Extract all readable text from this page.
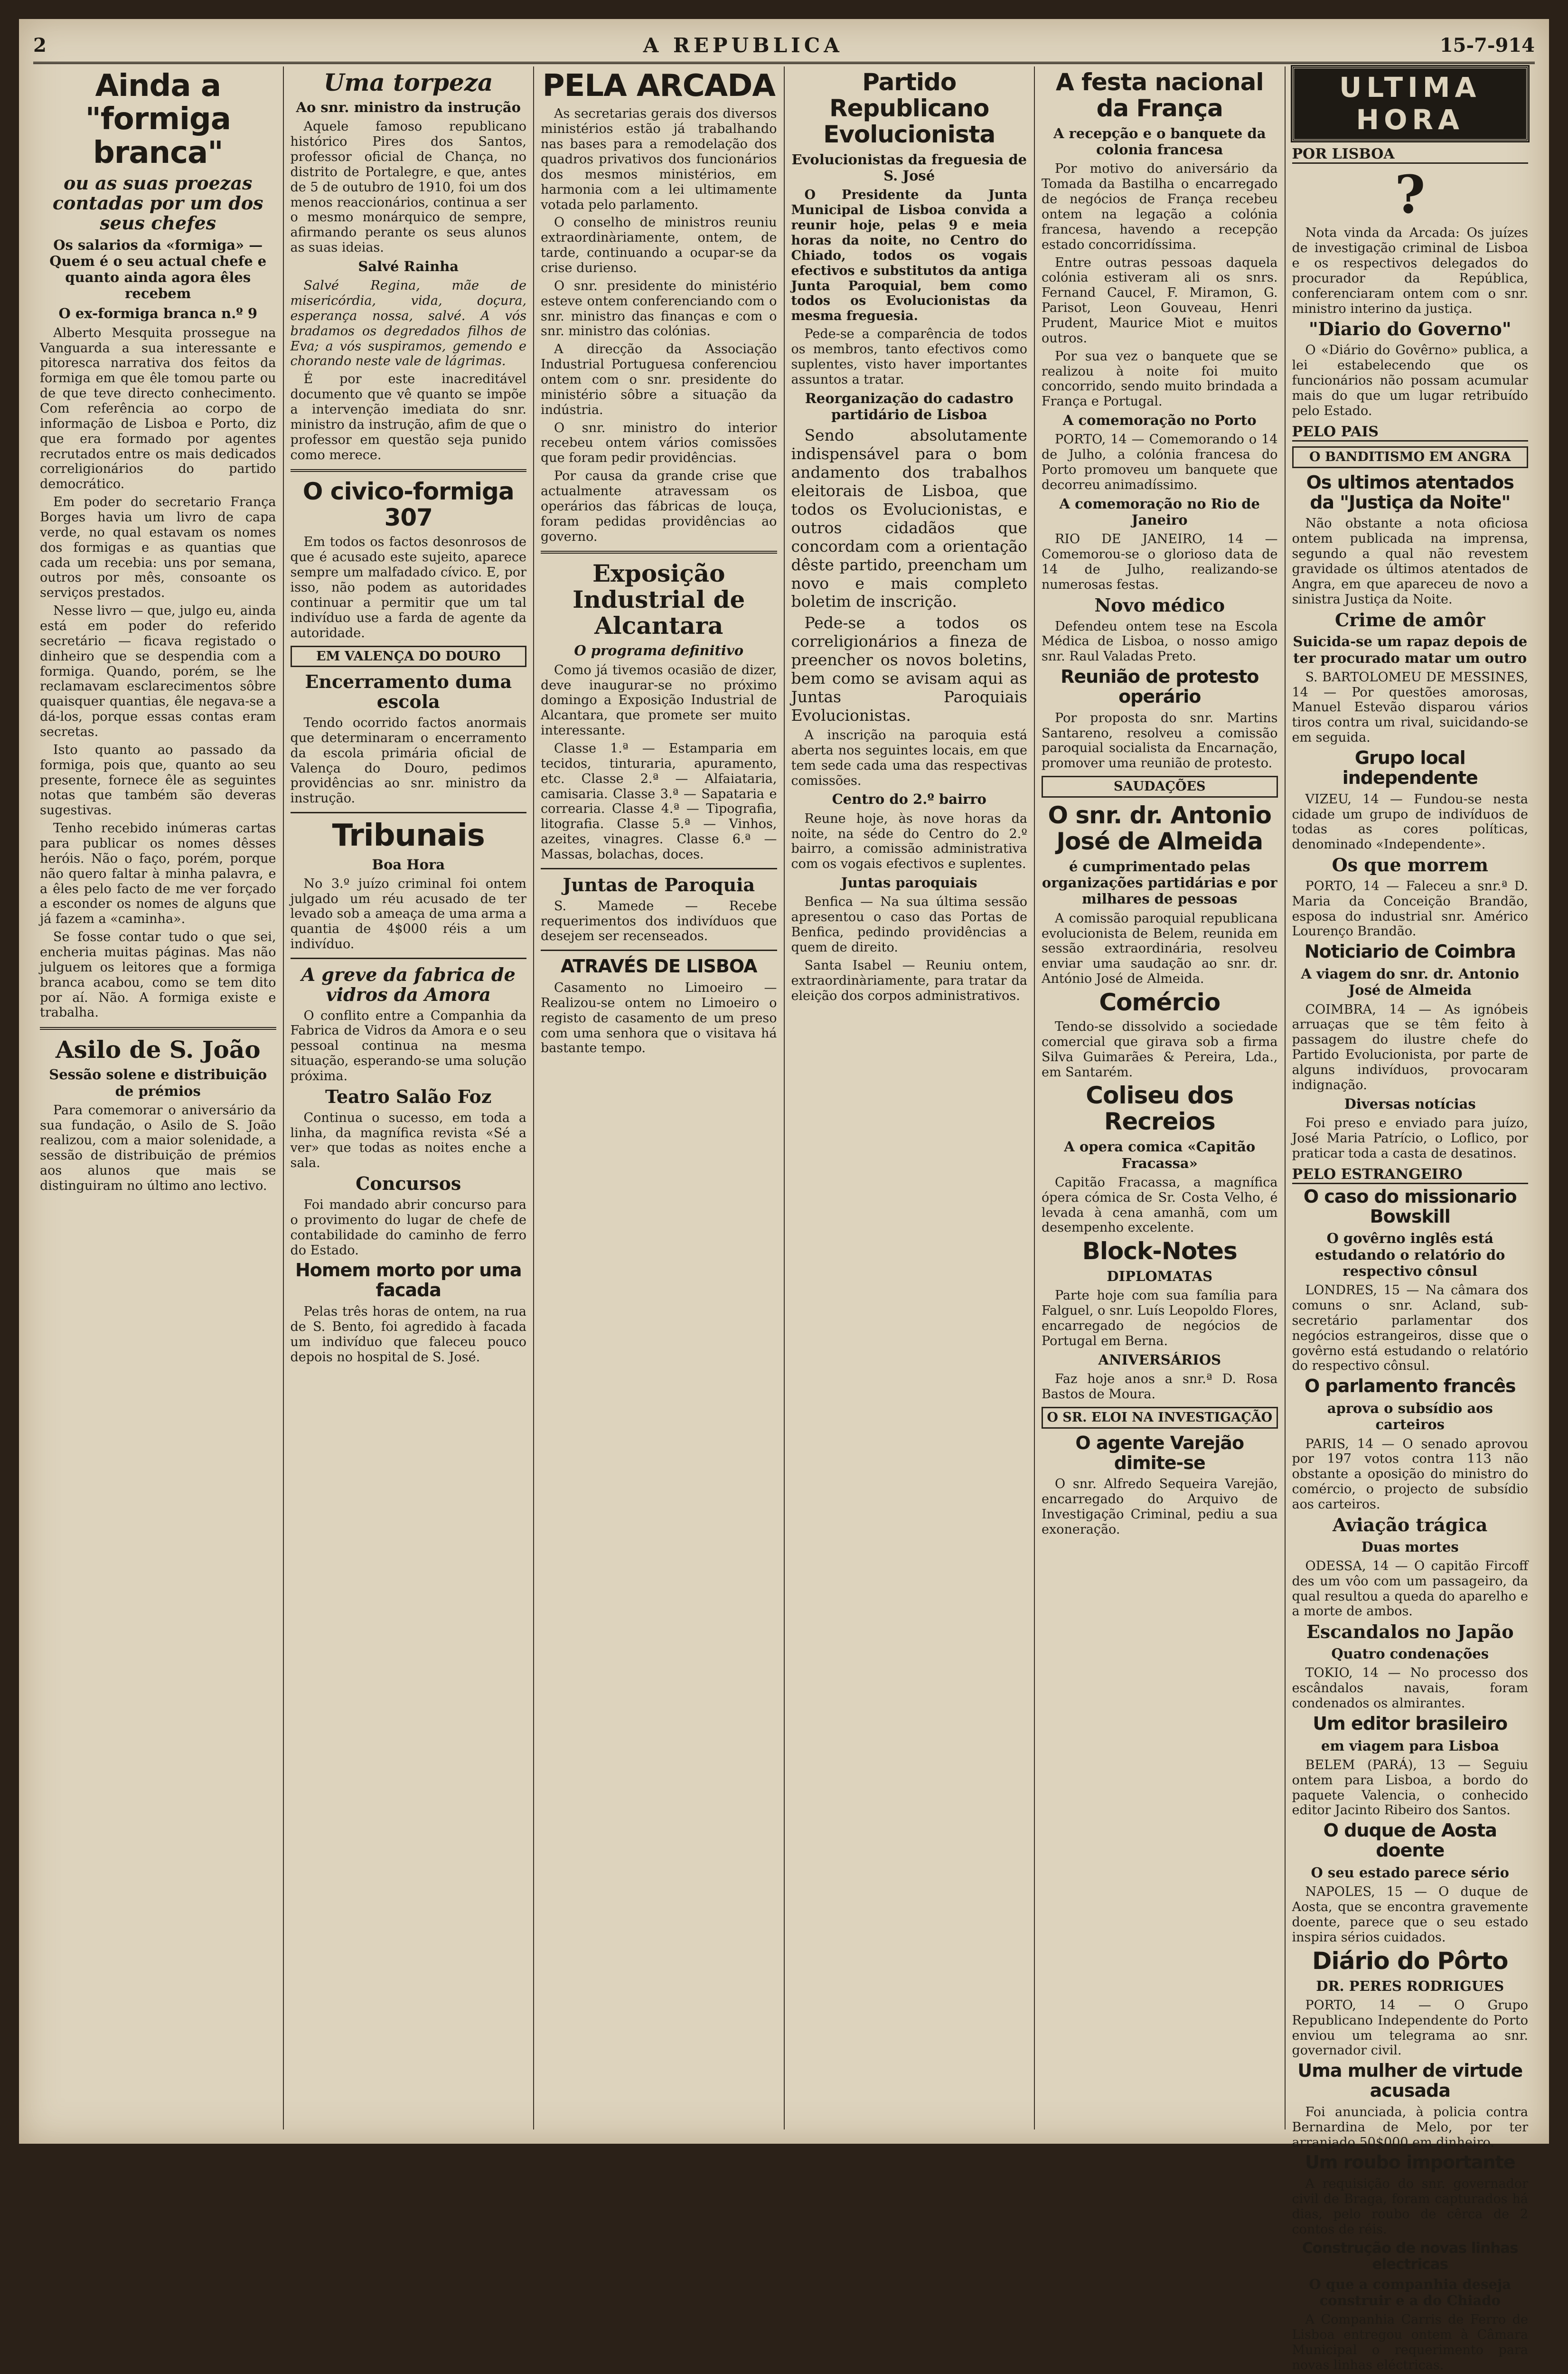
2	A REPUBLICA	15-7-914
Ainda a "formiga branca"
ou as suas proezas contadas por um dos seus chefes
Os salarios da «formiga» — Quem é o seu actual chefe e quanto ainda agora êles recebem
O ex-formiga branca n.º 9

Alberto Mesquita prossegue na Vanguarda a sua interessante e pitoresca narrativa dos feitos da formiga em que êle tomou parte ou de que teve directo conhecimento. Com referência ao corpo de informação de Lisboa e Porto, diz que era formado por agentes recrutados entre os mais dedicados correligionários do partido democrático.

Em poder do secretario França Borges havia um livro de capa verde, no qual estavam os nomes dos formigas e as quantias que cada um recebia: uns por semana, outros por mês, consoante os serviços prestados.

Nesse livro — que, julgo eu, ainda está em poder do referido secretário — ficava registado o dinheiro que se despendia com a formiga. Quando, porém, se lhe reclamavam esclarecimentos sôbre quaisquer quantias, êle negava-se a dá-los, porque essas contas eram secretas.

Isto quanto ao passado da formiga, pois que, quanto ao seu presente, fornece êle as seguintes notas que também são deveras sugestivas.

Tenho recebido inúmeras cartas para publicar os nomes dêsses heróis. Não o faço, porém, porque não quero faltar à minha palavra, e a êles pelo facto de me ver forçado a esconder os nomes de alguns que já fazem a «caminha».

Se fosse contar tudo o que sei, encheria muitas páginas. Mas não julguem os leitores que a formiga branca acabou, como se tem dito por aí. Não. A formiga existe e trabalha.

Asilo de S. João
Sessão solene e distribuição de prémios

Para comemorar o aniversário da sua fundação, o Asilo de S. João realizou, com a maior solenidade, a sessão de distribuição de prémios aos alunos que mais se distinguiram no último ano lectivo.

Uma torpeza
Ao snr. ministro da instrução

Aquele famoso republicano histórico Pires dos Santos, professor oficial de Chança, no distrito de Portalegre, e que, antes de 5 de outubro de 1910, foi um dos menos reaccionários, continua a ser o mesmo monárquico de sempre, afirmando perante os seus alunos as suas ideias.

Salvé Rainha

Salvé Regina, mãe de misericórdia, vida, doçura, esperança nossa, salvé. A vós bradamos os degredados filhos de Eva; a vós suspiramos, gemendo e chorando neste vale de lágrimas.

É por este inacreditável documento que vê quanto se impõe a intervenção imediata do snr. ministro da instrução, afim de que o professor em questão seja punido como merece.

O civico-formiga 307

Em todos os factos desonrosos de que é acusado este sujeito, aparece sempre um malfadado cívico. E, por isso, não podem as autoridades continuar a permitir que um tal indivíduo use a farda de agente da autoridade.

EM VALENÇA DO DOURO
Encerramento duma escola

Tendo ocorrido factos anormais que determinaram o encerramento da escola primária oficial de Valença do Douro, pedimos providências ao snr. ministro da instrução.

Tribunais
Boa Hora

No 3.º juízo criminal foi ontem julgado um réu acusado de ter levado sob a ameaça de uma arma a quantia de 4$000 réis a um indivíduo.

A greve da fabrica de vidros da Amora

O conflito entre a Companhia da Fabrica de Vidros da Amora e o seu pessoal continua na mesma situação, esperando-se uma solução próxima.

Teatro Salão Foz

Continua o sucesso, em toda a linha, da magnífica revista «Sé a ver» que todas as noites enche a sala.

Concursos

Foi mandado abrir concurso para o provimento do lugar de chefe de contabilidade do caminho de ferro do Estado.

Homem morto por uma facada

Pelas três horas de ontem, na rua de S. Bento, foi agredido à facada um indivíduo que faleceu pouco depois no hospital de S. José.

PELA ARCADA

As secretarias gerais dos diversos ministérios estão já trabalhando nas bases para a remodelação dos quadros privativos dos funcionários dos mesmos ministérios, em harmonia com a lei ultimamente votada pelo parlamento.

O conselho de ministros reuniu extraordinàriamente, ontem, de tarde, continuando a ocupar-se da crise durienso.

O snr. presidente do ministério esteve ontem conferenciando com o snr. ministro das finanças e com o snr. ministro das colónias.

A direcção da Associação Industrial Portuguesa conferenciou ontem com o snr. presidente do ministério sôbre a situação da indústria.

O snr. ministro do interior recebeu ontem vários comissões que foram pedir providências.

Por causa da grande crise que actualmente atravessam os operários das fábricas de louça, foram pedidas providências ao governo.

Exposição Industrial de Alcantara
O programa definitivo

Como já tivemos ocasião de dizer, deve inaugurar-se no próximo domingo a Exposição Industrial de Alcantara, que promete ser muito interessante.

Classe 1.ª — Estamparia em tecidos, tinturaria, apuramento, etc. Classe 2.ª — Alfaiataria, camisaria. Classe 3.ª — Sapataria e correaria. Classe 4.ª — Tipografia, litografia. Classe 5.ª — Vinhos, azeites, vinagres. Classe 6.ª — Massas, bolachas, doces.

Juntas de Paroquia

S. Mamede — Recebe requerimentos dos indivíduos que desejem ser recenseados.

ATRAVÉS DE LISBOA

Casamento no Limoeiro — Realizou-se ontem no Limoeiro o registo de casamento de um preso com uma senhora que o visitava há bastante tempo.

Partido Republicano Evolucionista
Evolucionistas da freguesia de S. José

O Presidente da Junta Municipal de Lisboa convida a reunir hoje, pelas 9 e meia horas da noite, no Centro do Chiado, todos os vogais efectivos e substitutos da antiga Junta Paroquial, bem como todos os Evolucionistas da mesma freguesia.

Pede-se a comparência de todos os membros, tanto efectivos como suplentes, visto haver importantes assuntos a tratar.

Reorganização do cadastro partidário de Lisboa

Sendo absolutamente indispensável para o bom andamento dos trabalhos eleitorais de Lisboa, que todos os Evolucionistas, e outros cidadãos que concordam com a orientação dêste partido, preencham um novo e mais completo boletim de inscrição.

Pede-se a todos os correligionários a fineza de preencher os novos boletins, bem como se avisam aqui as Juntas Paroquiais Evolucionistas.

A inscrição na paroquia está aberta nos seguintes locais, em que tem sede cada uma das respectivas comissões.

Centro do 2.º bairro

Reune hoje, às nove horas da noite, na séde do Centro do 2.º bairro, a comissão administrativa com os vogais efectivos e suplentes.

Juntas paroquiais

Benfica — Na sua última sessão apresentou o caso das Portas de Benfica, pedindo providências a quem de direito.

Santa Isabel — Reuniu ontem, extraordinàriamente, para tratar da eleição dos corpos administrativos.

A festa nacional da França
A recepção e o banquete da colonia francesa

Por motivo do aniversário da Tomada da Bastilha o encarregado de negócios de França recebeu ontem na legação a colónia francesa, havendo a recepção estado concorridíssima.

Entre outras pessoas daquela colónia estiveram ali os snrs. Fernand Caucel, F. Miramon, G. Parisot, Leon Gouveau, Henri Prudent, Maurice Miot e muitos outros.

Por sua vez o banquete que se realizou à noite foi muito concorrido, sendo muito brindada a França e Portugal.

A comemoração no Porto

PORTO, 14 — Comemorando o 14 de Julho, a colónia francesa do Porto promoveu um banquete que decorreu animadíssimo.

A comemoração no Rio de Janeiro

RIO DE JANEIRO, 14 — Comemorou-se o glorioso data de 14 de Julho, realizando-se numerosas festas.

Novo médico

Defendeu ontem tese na Escola Médica de Lisboa, o nosso amigo snr. Raul Valadas Preto.

Reunião de protesto operário

Por proposta do snr. Martins Santareno, resolveu a comissão paroquial socialista da Encarnação, promover uma reunião de protesto.

SAUDAÇÕES
O snr. dr. Antonio José de Almeida
é cumprimentado pelas organizações partidárias e por milhares de pessoas

A comissão paroquial republicana evolucionista de Belem, reunida em sessão extraordinária, resolveu enviar uma saudação ao snr. dr. António José de Almeida.

Comércio

Tendo-se dissolvido a sociedade comercial que girava sob a firma Silva Guimarães & Pereira, Lda., em Santarém.

Coliseu dos Recreios
A opera comica «Capitão Fracassa»

Capitão Fracassa, a magnífica ópera cómica de Sr. Costa Velho, é levada à cena amanhã, com um desempenho excelente.

Block-Notes
DIPLOMATAS

Parte hoje com sua família para Falguel, o snr. Luís Leopoldo Flores, encarregado de negócios de Portugal em Berna.

ANIVERSÁRIOS

Faz hoje anos a snr.ª D. Rosa Bastos de Moura.

O SR. ELOI NA INVESTIGAÇÃO
O agente Varejão dimite-se

O snr. Alfredo Sequeira Varejão, encarregado do Arquivo de Investigação Criminal, pediu a sua exoneração.

ULTIMA HORA
POR LISBOA
?

Nota vinda da Arcada: Os juízes de investigação criminal de Lisboa e os respectivos delegados do procurador da República, conferenciaram ontem com o snr. ministro interino da justiça.

"Diario do Governo"

O «Diário do Govêrno» publica, a lei estabelecendo que os funcionários não possam acumular mais do que um lugar retribuído pelo Estado.

PELO PAIS
O BANDITISMO EM ANGRA
Os ultimos atentados da "Justiça da Noite"

Não obstante a nota oficiosa ontem publicada na imprensa, segundo a qual não revestem gravidade os últimos atentados de Angra, em que apareceu de novo a sinistra Justiça da Noite.

Crime de amôr
Suicida-se um rapaz depois de ter procurado matar um outro

S. BARTOLOMEU DE MESSINES, 14 — Por questões amorosas, Manuel Estevão disparou vários tiros contra um rival, suicidando-se em seguida.

Grupo local independente

VIZEU, 14 — Fundou-se nesta cidade um grupo de indivíduos de todas as cores políticas, denominado «Independente».

Os que morrem

PORTO, 14 — Faleceu a snr.ª D. Maria da Conceição Brandão, esposa do industrial snr. Américo Lourenço Brandão.

Noticiario de Coimbra
A viagem do snr. dr. Antonio José de Almeida

COIMBRA, 14 — As ignóbeis arruaças que se têm feito à passagem do ilustre chefe do Partido Evolucionista, por parte de alguns indivíduos, provocaram indignação.

Diversas notícias

Foi preso e enviado para juízo, José Maria Patrício, o Loflico, por praticar toda a casta de desatinos.

PELO ESTRANGEIRO
O caso do missionario Bowskill
O govêrno inglês está estudando o relatório do respectivo cônsul

LONDRES, 15 — Na câmara dos comuns o snr. Acland, sub-secretário parlamentar dos negócios estrangeiros, disse que o govêrno está estudando o relatório do respectivo cônsul.

O parlamento francês
aprova o subsídio aos carteiros

PARIS, 14 — O senado aprovou por 197 votos contra 113 não obstante a oposição do ministro do comércio, o projecto de subsídio aos carteiros.

Aviação trágica
Duas mortes

ODESSA, 14 — O capitão Fircoff des um vôo com um passageiro, da qual resultou a queda do aparelho e a morte de ambos.

Escandalos no Japão
Quatro condenações

TOKIO, 14 — No processo dos escândalos navais, foram condenados os almirantes.

Um editor brasileiro
em viagem para Lisboa

BELEM (PARÁ), 13 — Seguiu ontem para Lisboa, a bordo do paquete Valencia, o conhecido editor Jacinto Ribeiro dos Santos.

O duque de Aosta doente
O seu estado parece sério

NAPOLES, 15 — O duque de Aosta, que se encontra gravemente doente, parece que o seu estado inspira sérios cuidados.

Diário do Pôrto
DR. PERES RODRIGUES

PORTO, 14 — O Grupo Republicano Independente do Porto enviou um telegrama ao snr. governador civil.

Uma mulher de virtude acusada

Foi anunciada, à policia contra Bernardina de Melo, por ter arranjado 50$000 em dinheiro.

Um roubo importante

A requisição do snr. governador civil de Braga, foram capturados há dias, pelo roubo de cêrca de 2 contos de réis.

Construção de novas linhas electricas
O que a companhia deseja construir e a do Chiado

A Companhia Carris de Ferro de Lisboa entregou ontem à Câmara Municipal o requerimento para novas linhas eléctricas.
